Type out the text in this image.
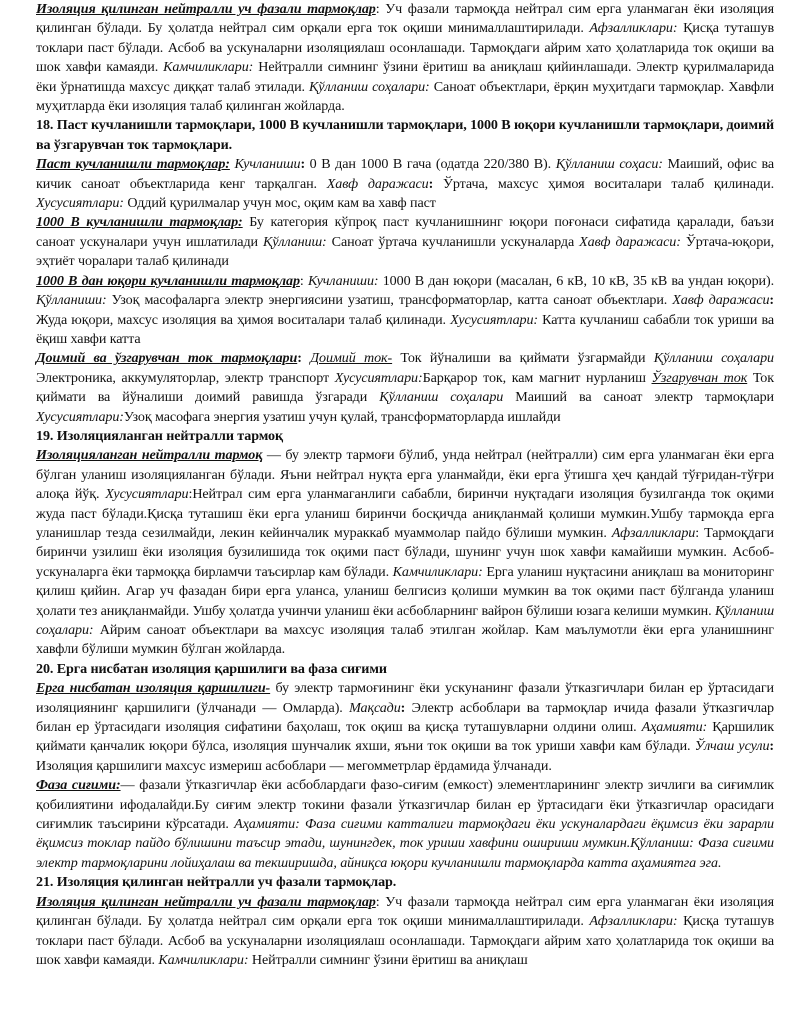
Изоляция қилинган нейтралли уч фазали тармоқлар: Уч фазали тармоқда нейтрал сим ерга уланмаган ёки изоляция қилинган бўлади. Бу ҳолатда нейтрал сим орқали ерга ток оқиши минималлаштирилади. Афзалликлари: Қисқа туташув токлари паст бўлади. Асбоб ва ускуналарни изоляциялаш осонлашади. Тармоқдаги айрим хато ҳолатларида ток оқиши ва шок хавфи камаяди. Камчиликлари: Нейтралли симнинг ўзини ёритиш ва аниқлаш қийинлашади. Электр қурилмаларида ёки ўрнатишда махсус диққат талаб этилади. Қўлланиш соҳалари: Саноат объектлари, ёрқин муҳитдаги тармоқлар. Хавфли муҳитларда ёки изоляция талаб қилинган жойларда.

18. Паст кучланишли тармоқлари, 1000 В кучланишли тармоқлари, 1000 В юқори кучланишли тармоқлари, доимий ва ўзгарувчан ток тармоқлари.

Паст кучланишли тармоқлар: Кучланиши: 0 В дан 1000 В гача (одатда 220/380 В). Қўлланиш соҳаси: Маиший, офис ва кичик саноат объектларида кенг тарқалган. Хавф даражаси: Ўртача, махсус ҳимоя воситалари талаб қилинади. Хусусиятлари: Оддий қурилмалар учун мос, оқим кам ва хавф паст

1000 В кучланишли тармоқлар: Бу категория кўпроқ паст кучланишнинг юқори поғонаси сифатида қаралади, баъзи саноат ускуналари учун ишлатилади Қўлланиш: Саноат ўртача кучланишли ускуналарда Хавф даражаси: Ўртача-юқори, эҳтиёт чоралари талаб қилинади

1000 В дан юқори кучланишли тармоқлар: Кучланиши: 1000 В дан юқори (масалан, 6 кВ, 10 кВ, 35 кВ ва ундан юқори). Қўлланиши: Узоқ масофаларга электр энергиясини узатиш, трансформаторлар, катта саноат объектлари. Хавф даражаси: Жуда юқори, махсус изоляция ва ҳимоя воситалари талаб қилинади. Хусусиятлари: Катта кучланиш сабабли ток уриши ва ёқиш хавфи катта

Доимий ва ўзгарувчан ток тармоқлари: Доимий ток- Ток йўналиши ва қиймати ўзгармайди Қўлланиш соҳалари Электроника, аккумуляторлар, электр транспорт Хусусиятлари:Барқарор ток, кам магнит нурланиш Ўзгарувчан ток Ток қиймати ва йўналиши доимий равишда ўзгаради Қўлланиш соҳалари Маиший ва саноат электр тармоқлари Хусусиятлари:Узоқ масофага энергия узатиш учун қулай, трансформаторларда ишлайди

19. Изоляцияланган нейтралли тармоқ

Изоляцияланган нейтралли тармоқ — бу электр тармоғи бўлиб, унда нейтрал (нейтралли) сим ерга уланмаган ёки ерга бўлган уланиш изоляцияланган бўлади. Яъни нейтрал нуқта ерга уланмайди, ёки ерга ўтишга ҳеч қандай тўғридан-тўғри алоқа йўқ. Хусусиятлари:Нейтрал сим ерга уланмаганлиги сабабли, биринчи нуқтадаги изоляция бузилганда ток оқими жуда паст бўлади.Қисқа туташиш ёки ерга уланиш биринчи босқичда аниқланмай қолиши мумкин.Ушбу тармоқда ерга уланишлар тезда сезилмайди, лекин кейинчалик мураккаб муаммолар пайдо бўлиши мумкин. Афзалликлари: Тармоқдаги биринчи узилиш ёки изоляция бузилишида ток оқими паст бўлади, шунинг учун шок хавфи камайиши мумкин. Асбоб-ускуналарга ёки тармоққа бирламчи таъсирлар кам бўлади. Камчиликлари: Ерга уланиш нуқтасини аниқлаш ва мониторинг қилиш қийин. Агар уч фазадан бири ерга уланса, уланиш белгисиз қолиши мумкин ва ток оқими паст бўлганда уланиш ҳолати тез аниқланмайди. Ушбу ҳолатда учинчи уланиш ёки асбобларнинг вайрон бўлиши юзага келиши мумкин. Қўлланиш соҳалари: Айрим саноат объектлари ва махсус изоляция талаб этилган жойлар. Кам маълумотли ёки ерга уланишнинг хавфли бўлиши мумкин бўлган жойларда.

20. Ерга нисбатан изоляция қаршилиги ва фаза сиғими

Ерга нисбатан изоляция қаршилиги- бу электр тармоғининг ёки ускунанинг фазали ўтказгичлари билан ер ўртасидаги изоляциянинг қаршилиги (ўлчанади — Омларда). Мақсади: Электр асбоблари ва тармоқлар ичида фазали ўтказгичлар билан ер ўртасидаги изоляция сифатини баҳолаш, ток оқиш ва қисқа туташувларни олдини олиш. Аҳамияти: Қаршилик қиймати қанчалик юқори бўлса, изоляция шунчалик яхши, яъни ток оқиши ва ток уриши хавфи кам бўлади. Ўлчаш усули: Изоляция қаршилиги махсус измериш асбоблари — мегомметрлар ёрдамида ўлчанади.

Фаза сиғими:— фазали ўтказгичлар ёки асбоблардаги фазо-сиғим (емкост) элементларининг электр зичлиги ва сиғимлик қобилиятини ифодалайди.Бу сиғим электр токини фазали ўтказгичлар билан ер ўртасидаги ёки ўтказгичлар орасидаги сиғимлик таъсирини кўрсатади. Аҳамияти: Фаза сиғими катталиги тармоқдаги ёки ускуналардаги ёқимсиз ёки зарарли ёқимсиз токлар пайдо бўлишини таъсир этади, шунингдек, ток уриши хавфини ошириши мумкин.Қўлланиш: Фаза сиғими электр тармоқларини лойиҳалаш ва текширишда, айниқса юқори кучланишли тармоқларда катта аҳамиятга эга.

21. Изоляция қилинган нейтралли уч фазали тармоқлар.

Изоляция қилинган нейтралли уч фазали тармоқлар: Уч фазали тармоқда нейтрал сим ерга уланмаган ёки изоляция қилинган бўлади. Бу ҳолатда нейтрал сим орқали ерга ток оқиши минималлаштирилади. Афзалликлари: Қисқа туташув токлари паст бўлади. Асбоб ва ускуналарни изоляциялаш осонлашади. Тармоқдаги айрим хато ҳолатларида ток оқиши ва шок хавфи камаяди. Камчиликлари: Нейтралли симнинг ўзини ёритиш ва аниқлаш
